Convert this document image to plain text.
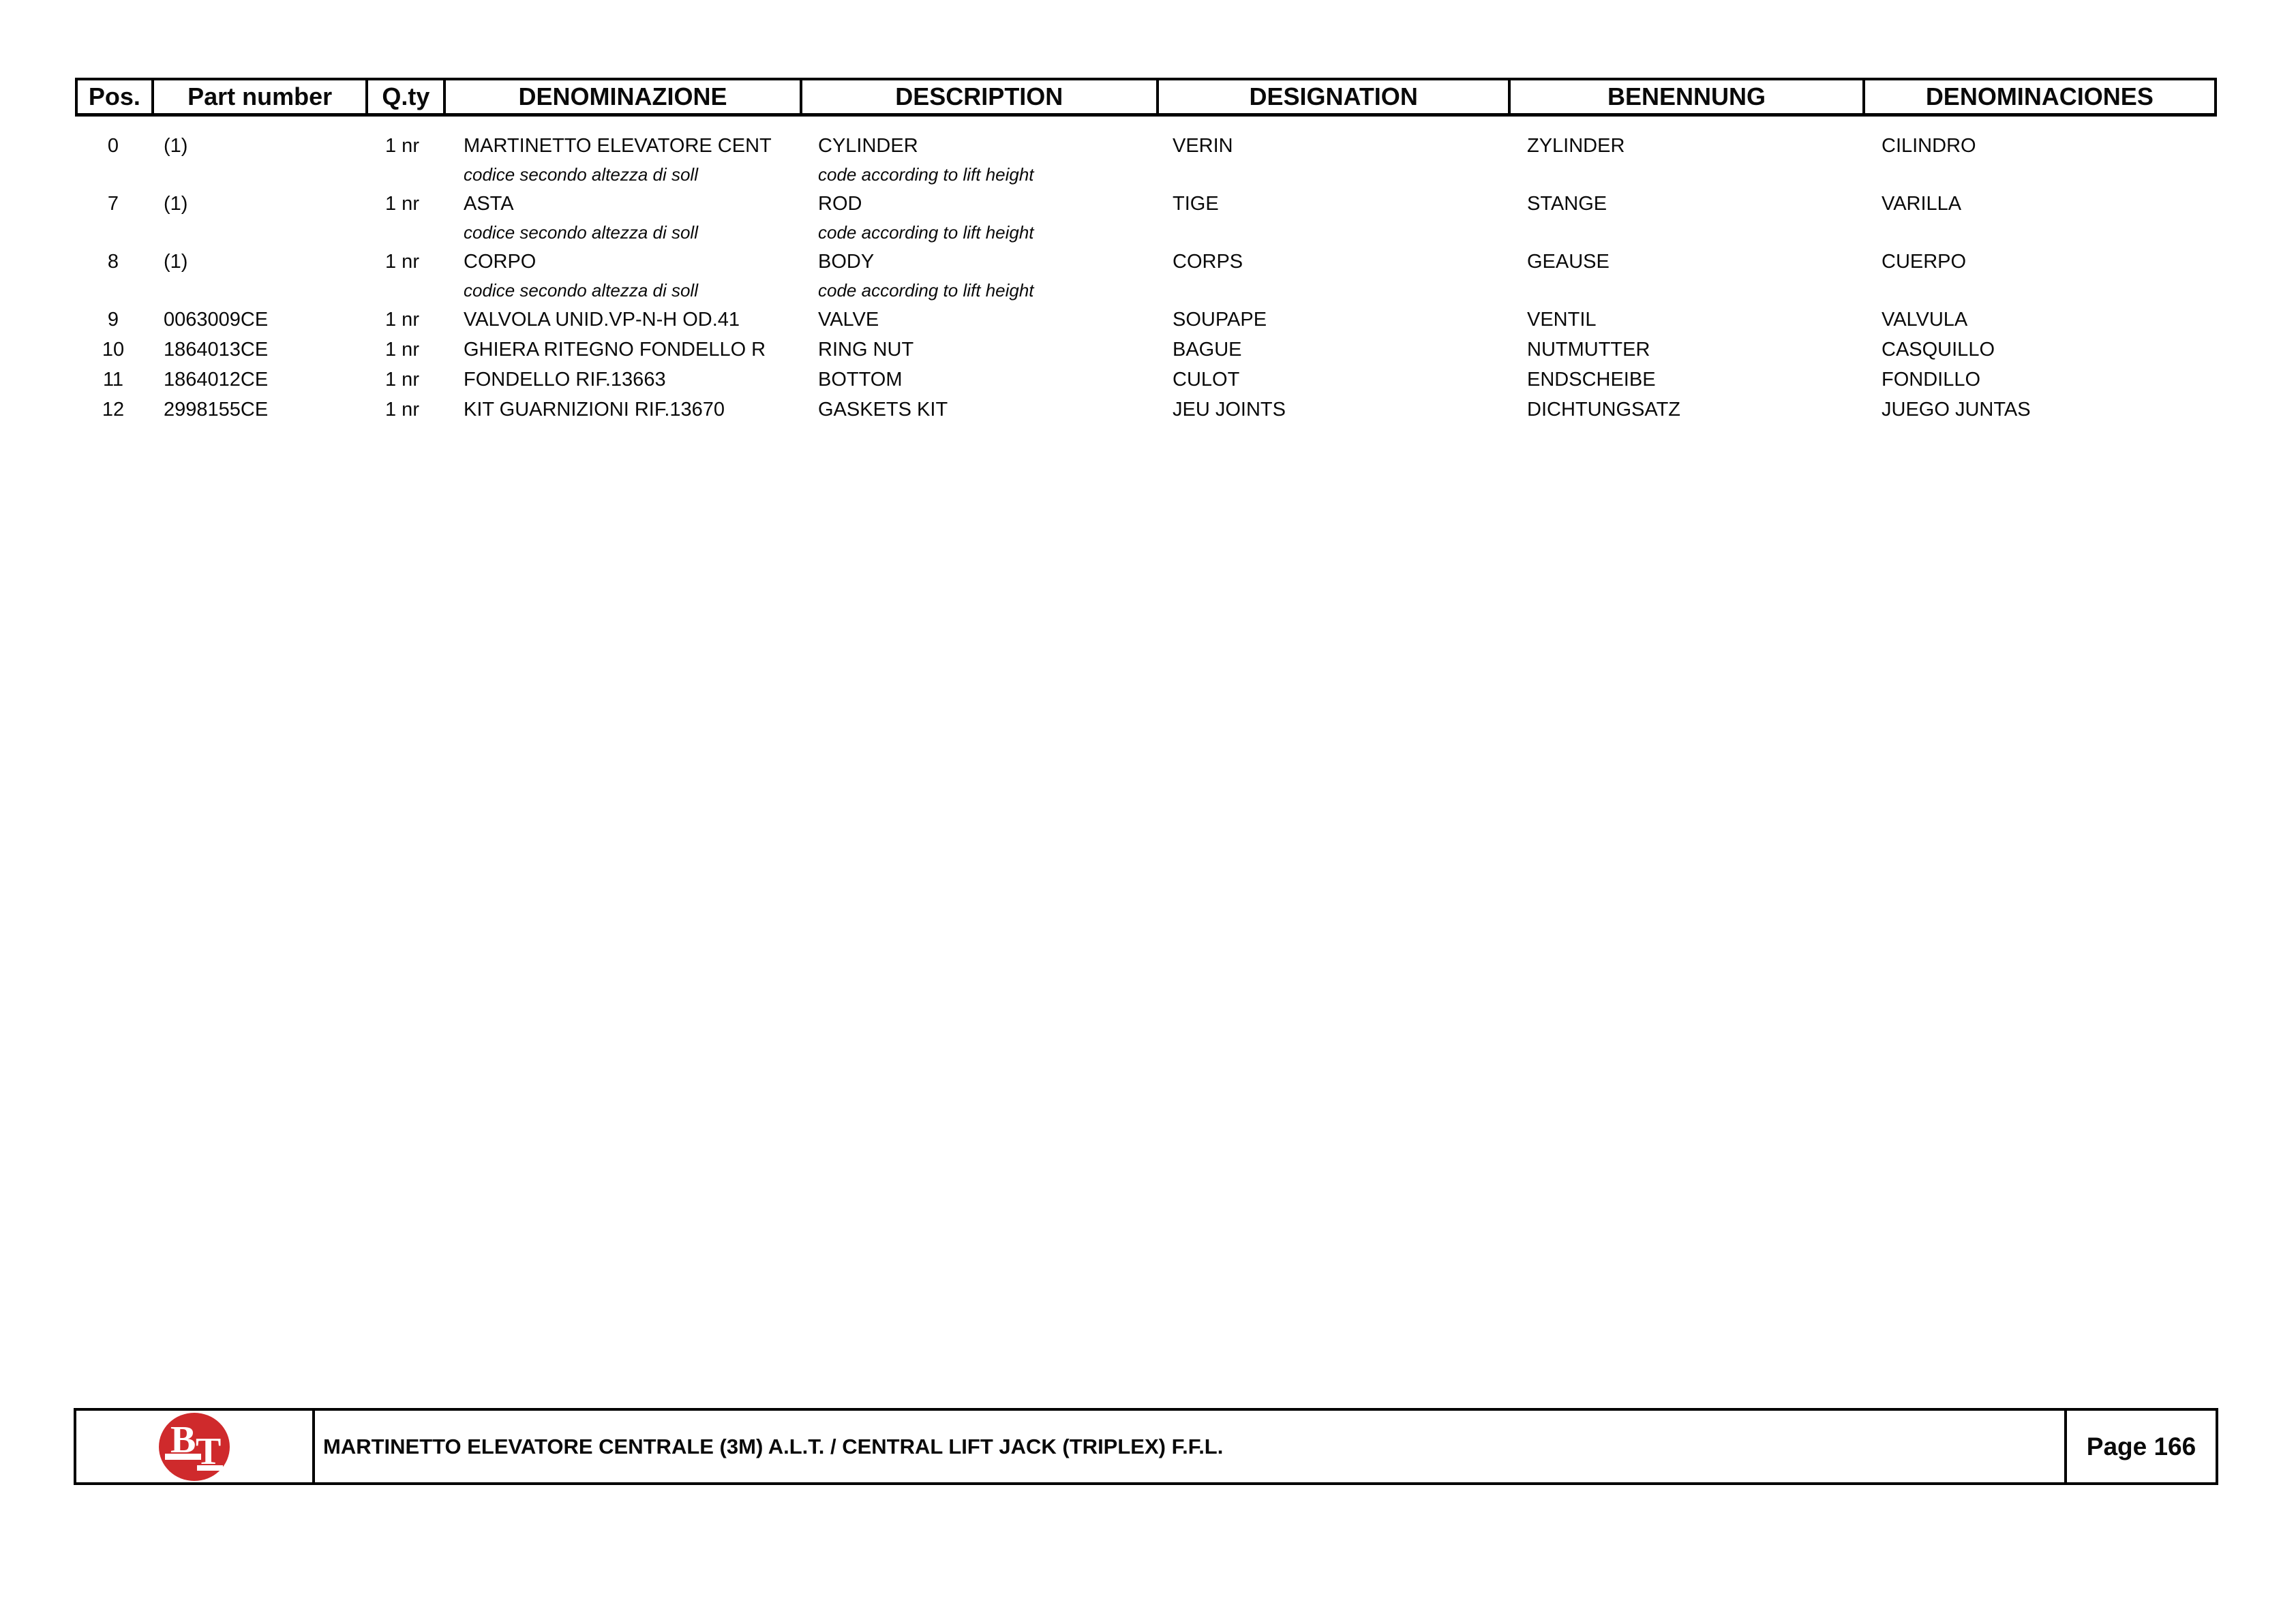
Pos.	Part number	Q.ty	DENOMINAZIONE	DESCRIPTION	DESIGNATION	BENENNUNG	DENOMINACIONES
0	(1)	1 nr	MARTINETTO ELEVATORE CENT	CYLINDER	VERIN	ZYLINDER	CILINDRO
codice secondo altezza di soll	code according to lift height
7	(1)	1 nr	ASTA	ROD	TIGE	STANGE	VARILLA
codice secondo altezza di soll	code according to lift height
8	(1)	1 nr	CORPO	BODY	CORPS	GEAUSE	CUERPO
codice secondo altezza di soll	code according to lift height
9	0063009CE	1 nr	VALVOLA UNID.VP-N-H OD.41	VALVE	SOUPAPE	VENTIL	VALVULA
10	1864013CE	1 nr	GHIERA RITEGNO FONDELLO R	RING NUT	BAGUE	NUTMUTTER	CASQUILLO
11	1864012CE	1 nr	FONDELLO RIF.13663	BOTTOM	CULOT	ENDSCHEIBE	FONDILLO
12	2998155CE	1 nr	KIT GUARNIZIONI RIF.13670	GASKETS KIT	JEU JOINTS	DICHTUNGSATZ	JUEGO JUNTAS
B T	MARTINETTO ELEVATORE CENTRALE (3M) A.L.T. / CENTRAL LIFT JACK (TRIPLEX) F.F.L.	Page 166
